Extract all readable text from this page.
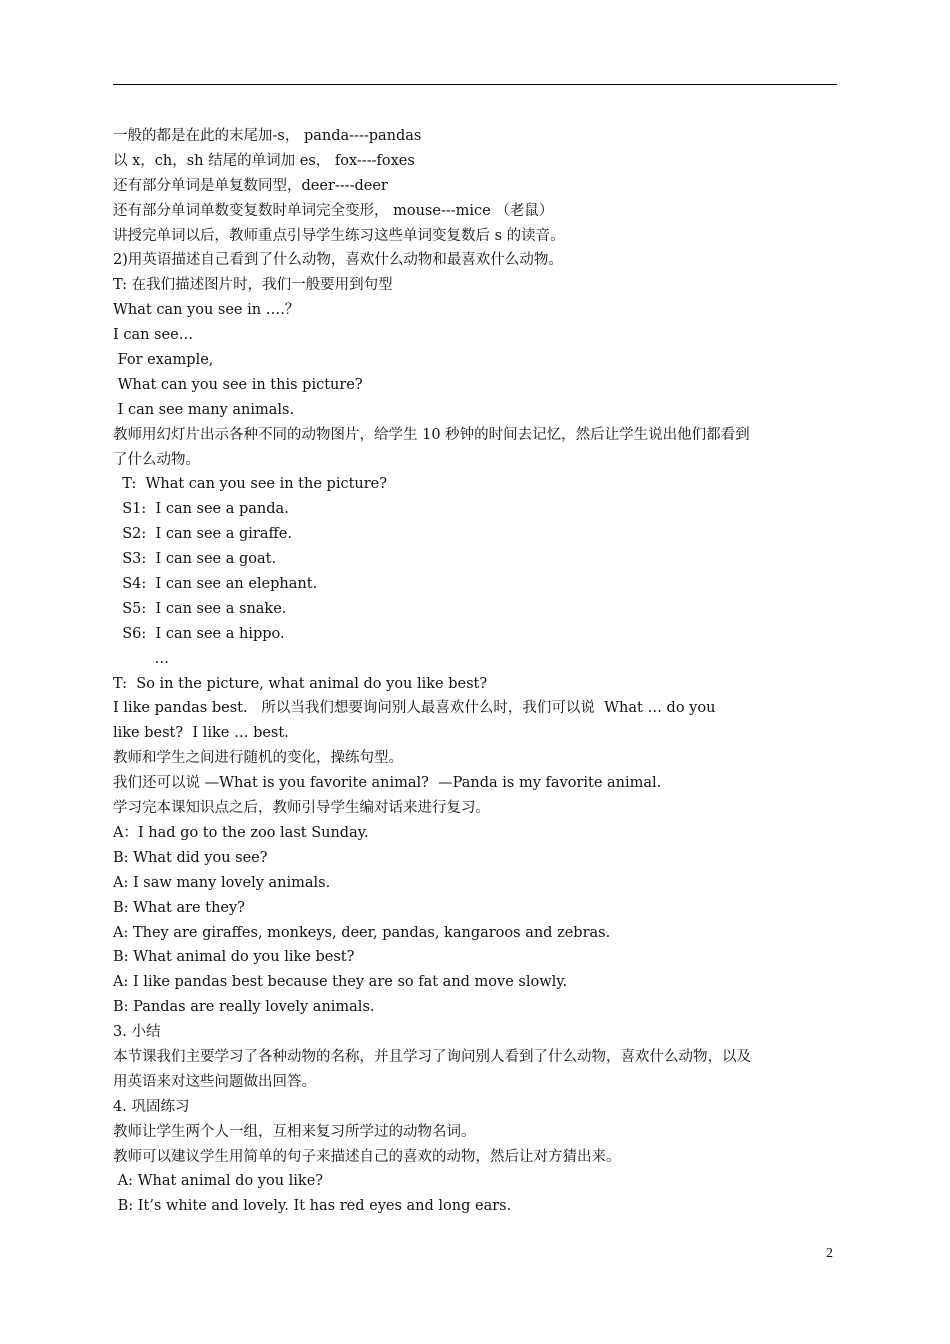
一般的都是在此的末尾加-s， panda----pandas
以 x，ch，sh 结尾的单词加 es， fox----foxes
还有部分单词是单复数同型，deer----deer
还有部分单词单数变复数时单词完全变形， mouse---mice （老鼠）
讲授完单词以后，教师重点引导学生练习这些单词变复数后 s 的读音。
2)用英语描述自己看到了什么动物，喜欢什么动物和最喜欢什么动物。
T: 在我们描述图片时，我们一般要用到句型
What can you see in ….？
I can see…
For example,
What can you see in this picture?
I can see many animals.
教师用幻灯片出示各种不同的动物图片，给学生 10 秒钟的时间去记忆，然后让学生说出他们都看到
了什么动物。
T:  What can you see in the picture?
S1:  I can see a panda.
S2:  I can see a giraffe.
S3:  I can see a goat.
S4:  I can see an elephant.
S5:  I can see a snake.
S6:  I can see a hippo.
…
T:  So in the picture, what animal do you like best?
I like pandas best.   所以当我们想要询问别人最喜欢什么时，我们可以说  What … do you
like best?  I like … best.
教师和学生之间进行随机的变化，操练句型。
我们还可以说 —What is you favorite animal?  —Panda is my favorite animal.
学习完本课知识点之后，教师引导学生编对话来进行复习。
A：I had go to the zoo last Sunday.
B: What did you see?
A: I saw many lovely animals.
B: What are they?
A: They are giraffes, monkeys, deer, pandas, kangaroos and zebras.
B: What animal do you like best?
A: I like pandas best because they are so fat and move slowly.
B: Pandas are really lovely animals.
3. 小结
本节课我们主要学习了各种动物的名称，并且学习了询问别人看到了什么动物，喜欢什么动物，以及
用英语来对这些问题做出回答。
4. 巩固练习
教师让学生两个人一组，互相来复习所学过的动物名词。
教师可以建议学生用简单的句子来描述自己的喜欢的动物，然后让对方猜出来。
A: What animal do you like?
B: It’s white and lovely. It has red eyes and long ears.
2
